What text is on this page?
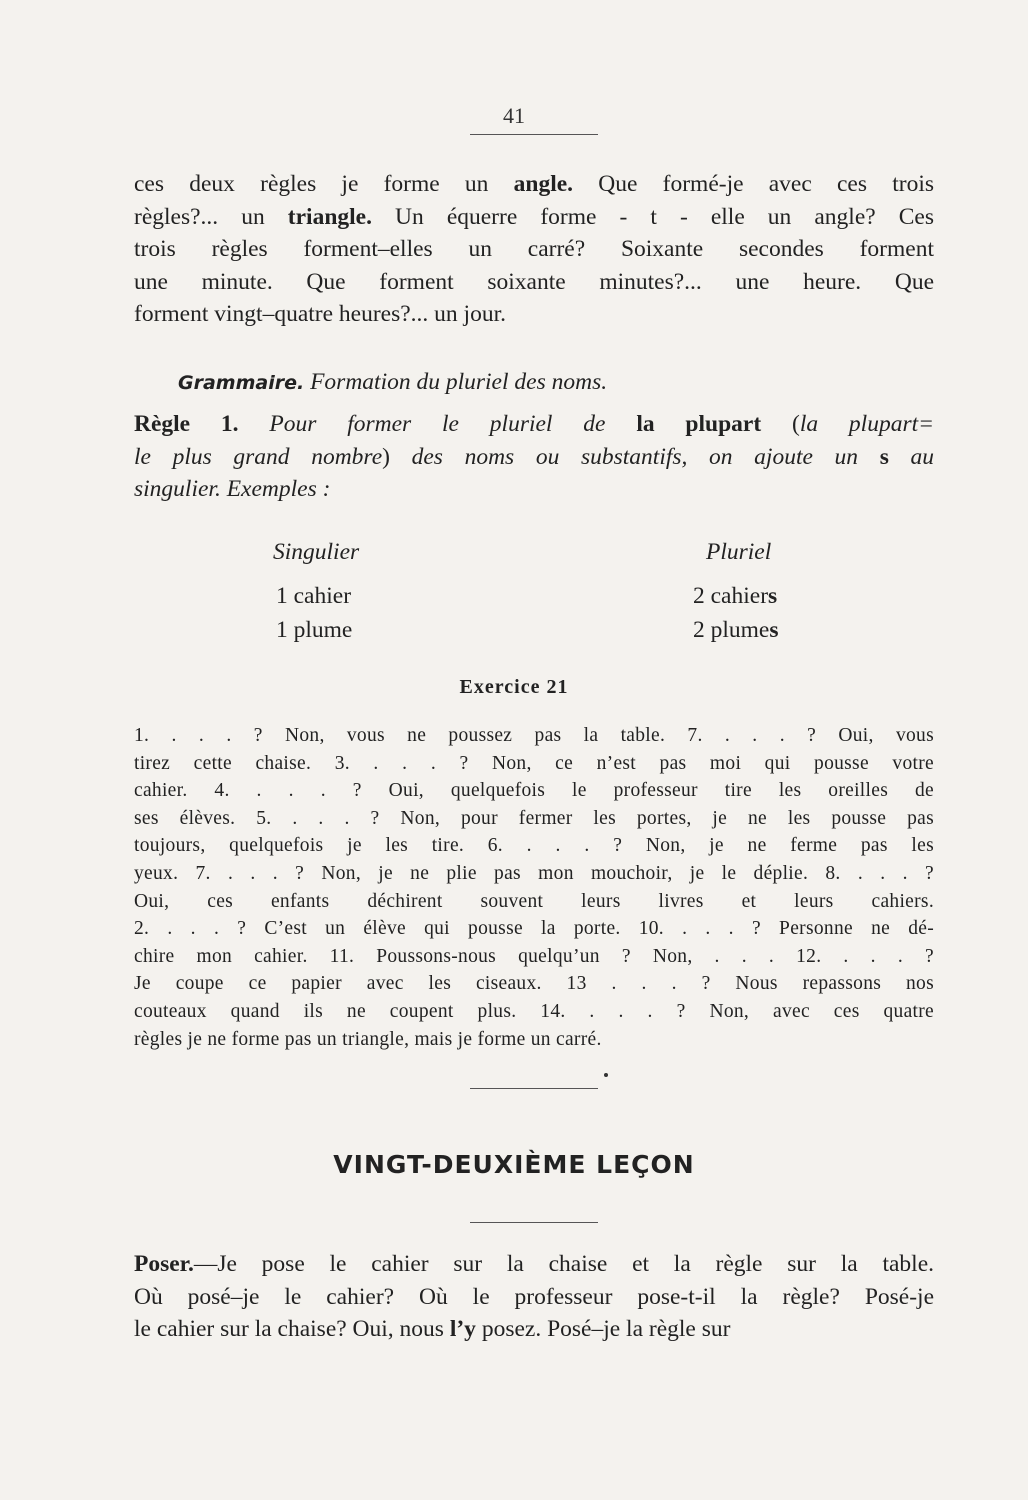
41
ces deux règles je forme un angle. Que formé-je avec ces trois
règles?... un triangle. Un équerre forme - t - elle un angle? Ces
trois règles forment–elles un carré? Soixante secondes forment
une minute. Que forment soixante minutes?... une heure. Que
forment vingt–quatre heures?... un jour.
Grammaire. Formation du pluriel des noms.
Règle 1. Pour former le pluriel de la plupart (la plupart=
le plus grand nombre) des noms ou substantifs, on ajoute un s au
singulier. Exemples :
Singulier	Pluriel
1 cahier
1 plume
2 cahiers
2 plumes
Exercice 21
1. . . . ? Non, vous ne poussez pas la table. 7. . . . ? Oui, vous
tirez cette chaise. 3. . . . ? Non, ce n’est pas moi qui pousse votre
cahier. 4. . . . ? Oui, quelquefois le professeur tire les oreilles de
ses élèves. 5. . . . ? Non, pour fermer les portes, je ne les pousse pas
toujours, quelquefois je les tire. 6. . . . ? Non, je ne ferme pas les
yeux. 7. . . . ? Non, je ne plie pas mon mouchoir, je le déplie. 8. . . . ?
Oui, ces enfants déchirent souvent leurs livres et leurs cahiers.
2. . . . ? C’est un élève qui pousse la porte. 10. . . . ? Personne ne dé-
chire mon cahier. 11. Poussons-nous quelqu’un ? Non, . . . 12. . . . ?
Je coupe ce papier avec les ciseaux. 13 . . . ? Nous repassons nos
couteaux quand ils ne coupent plus. 14. . . . ? Non, avec ces quatre
règles je ne forme pas un triangle, mais je forme un carré.
VINGT-DEUXIÈME LEÇON
Poser.—Je pose le cahier sur la chaise et la règle sur la table.
Où posé–je le cahier? Où le professeur pose-t-il la règle? Posé-je
le cahier sur la chaise? Oui, nous l’y posez. Posé–je la règle sur
